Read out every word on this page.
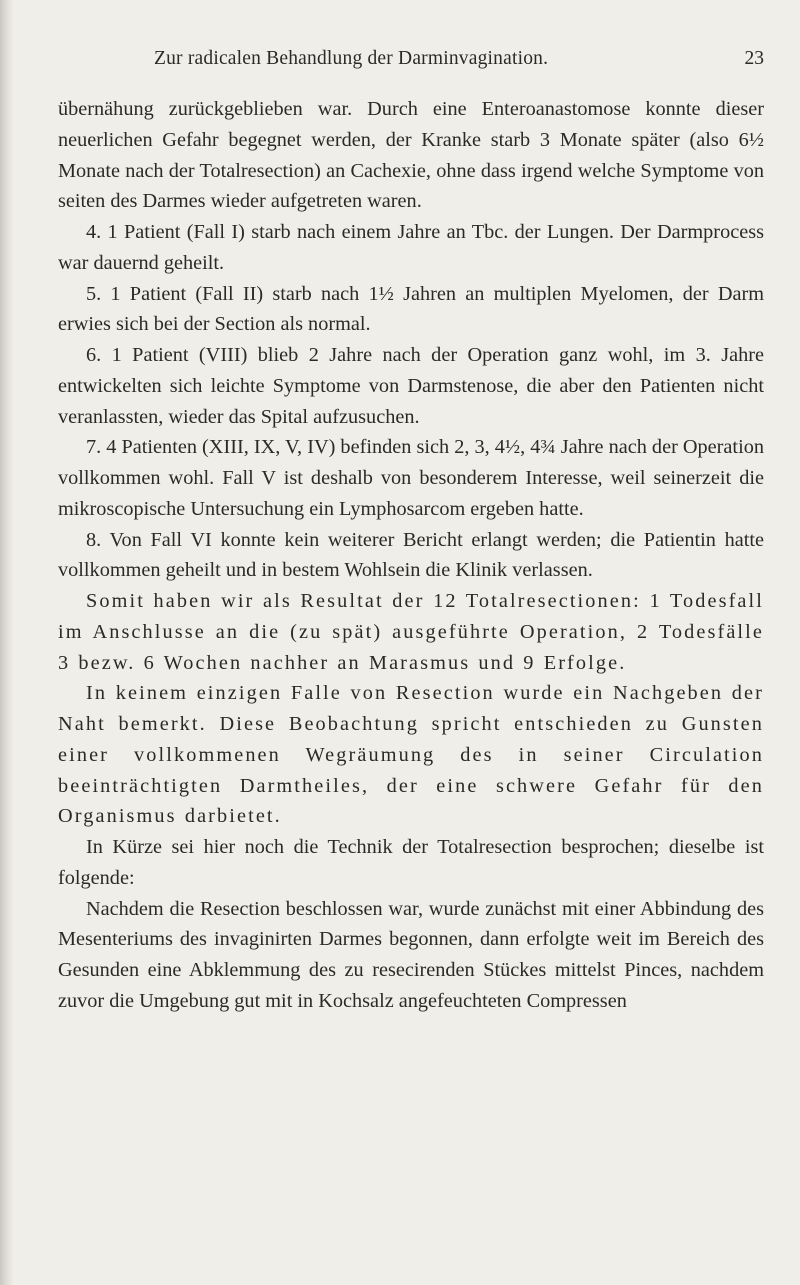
Zur radicalen Behandlung der Darminvagination.	23

übernähung zurückgeblieben war. Durch eine Enteroanastomose konnte dieser neuerlichen Gefahr begegnet werden, der Kranke starb 3 Monate später (also 6½ Monate nach der Totalresection) an Cachexie, ohne dass irgend welche Symptome von seiten des Darmes wieder aufgetreten waren.

4. 1 Patient (Fall I) starb nach einem Jahre an Tbc. der Lungen. Der Darmprocess war dauernd geheilt.

5. 1 Patient (Fall II) starb nach 1½ Jahren an multiplen Myelomen, der Darm erwies sich bei der Section als normal.

6. 1 Patient (VIII) blieb 2 Jahre nach der Operation ganz wohl, im 3. Jahre entwickelten sich leichte Symptome von Darmstenose, die aber den Patienten nicht veranlassten, wieder das Spital aufzusuchen.

7. 4 Patienten (XIII, IX, V, IV) befinden sich 2, 3, 4½, 4¾ Jahre nach der Operation vollkommen wohl. Fall V ist deshalb von besonderem Interesse, weil seinerzeit die mikroscopische Untersuchung ein Lymphosarcom ergeben hatte.

8. Von Fall VI konnte kein weiterer Bericht erlangt werden; die Patientin hatte vollkommen geheilt und in bestem Wohlsein die Klinik verlassen.

Somit haben wir als Resultat der 12 Totalresectionen: 1 Todesfall im Anschlusse an die (zu spät) ausgeführte Operation, 2 Todesfälle 3 bezw. 6 Wochen nachher an Marasmus und 9 Erfolge.

In keinem einzigen Falle von Resection wurde ein Nachgeben der Naht bemerkt. Diese Beobachtung spricht entschieden zu Gunsten einer vollkommenen Wegräumung des in seiner Circulation beeinträchtigten Darmtheiles, der eine schwere Gefahr für den Organismus darbietet.

In Kürze sei hier noch die Technik der Totalresection besprochen; dieselbe ist folgende:

Nachdem die Resection beschlossen war, wurde zunächst mit einer Abbindung des Mesenteriums des invaginirten Darmes begonnen, dann erfolgte weit im Bereich des Gesunden eine Abklemmung des zu resecirenden Stückes mittelst Pinces, nachdem zuvor die Umgebung gut mit in Kochsalz angefeuchteten Compressen
